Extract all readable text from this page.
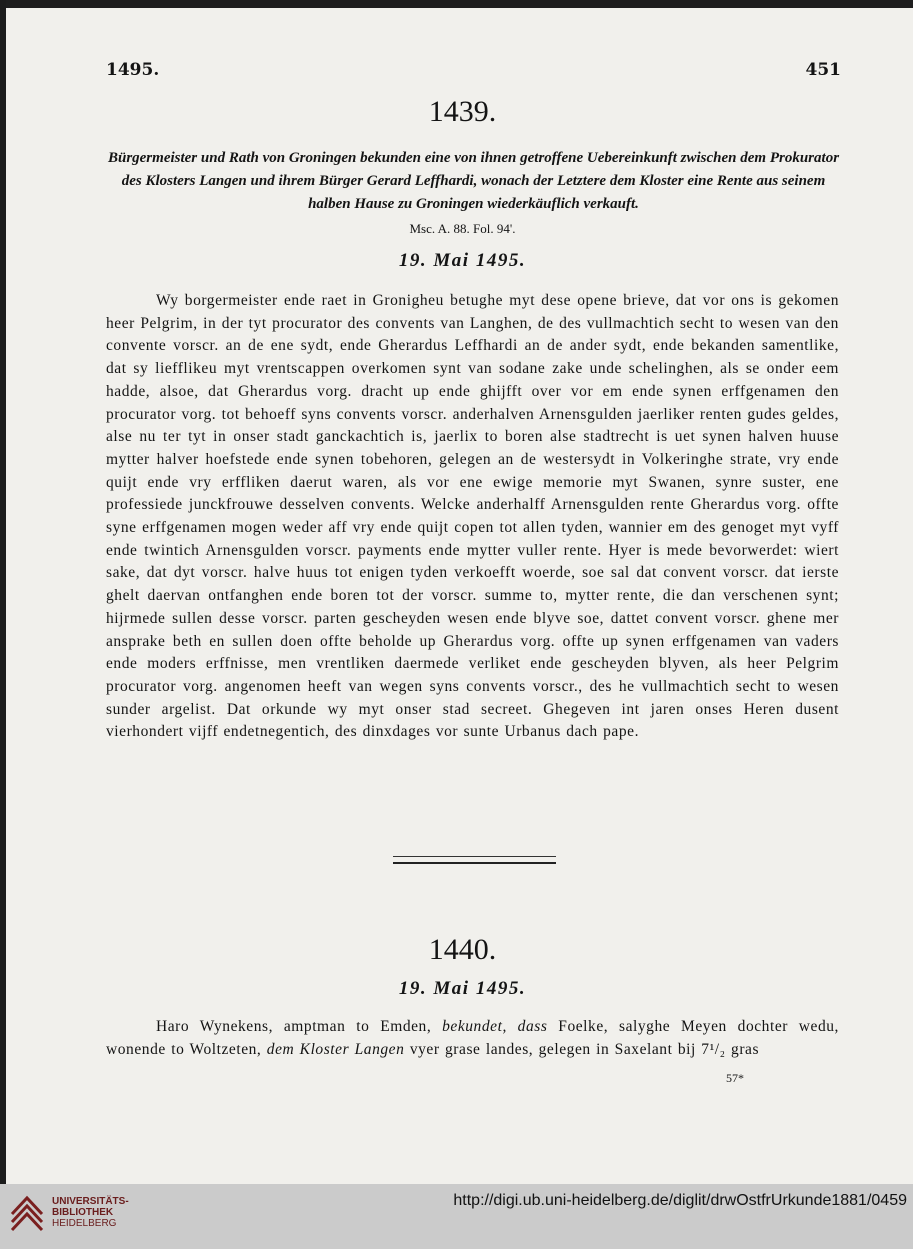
1495.	451
1439.
Bürgermeister und Rath von Groningen bekunden eine von ihnen getroffene Uebereinkunft zwischen dem Prokurator des Klosters Langen und ihrem Bürger Gerard Leffhardi, wonach der Letztere dem Kloster eine Rente aus seinem halben Hause zu Groningen wiederkäuflich verkauft.
Msc. A. 88. Fol. 94'.
19. Mai 1495.
Wy borgermeister ende raet in Gronigheu betughe myt dese opene brieve, dat vor ons is gekomen heer Pelgrim, in der tyt procurator des convents van Langhen, de des vullmachtich secht to wesen van den convente vorscr. an de ene sydt, ende Gherardus Leffhardi an de ander sydt, ende bekanden samentlike, dat sy liefflikeu myt vrentscappen overkomen synt van sodane zake unde schelinghen, als se onder eem hadde, alsoe, dat Gherardus vorg. dracht up ende ghijfft over vor em ende synen erffgenamen den procurator vorg. tot behoeff syns convents vorscr. anderhalven Arnensgulden jaerliker renten gudes geldes, alse nu ter tyt in onser stadt ganckachtich is, jaerlix to boren alse stadtrecht is uet synen halven huuse mytter halver hoefstede ende synen tobehoren, gelegen an de westersydt in Volkeringhe strate, vry ende quijt ende vry erffliken daerut waren, als vor ene ewige memorie myt Swanen, synre suster, ene professiede junckfrouwe desselven convents. Welcke anderhalff Arnensgulden rente Gherardus vorg. offte syne erffgenamen mogen weder aff vry ende quijt copen tot allen tyden, wannier em des genoget myt vyff ende twintich Arnensgulden vorscr. payments ende mytter vuller rente. Hyer is mede bevorwerdet: wiert sake, dat dyt vorscr. halve huus tot enigen tyden verkoefft woerde, soe sal dat convent vorscr. dat ierste ghelt daervan ontfanghen ende boren tot der vorscr. summe to, mytter rente, die dan verschenen synt; hijrmede sullen desse vorscr. parten gescheyden wesen ende blyve soe, dattet convent vorscr. ghene mer ansprake beth en sullen doen offte beholde up Gherardus vorg. offte up synen erffgenamen van vaders ende moders erffnisse, men vrentliken daermede verliket ende gescheyden blyven, als heer Pelgrim procurator vorg. angenomen heeft van wegen syns convents vorscr., des he vullmachtich secht to wesen sunder argelist. Dat orkunde wy myt onser stad secreet. Ghegeven int jaren onses Heren dusent vierhondert vijff endetnegentich, des dinxdages vor sunte Urbanus dach pape.
1440.
19. Mai 1495.
Haro Wynekens, amptman to Emden, bekundet, dass Foelke, salyghe Meyen dochter wedu, wonende to Woltzeten, dem Kloster Langen vyer grase landes, gelegen in Saxelant bij 7¹/₂ gras
57*
UNIVERSITÄTS-
BIBLIOTHEK
HEIDELBERG
http://digi.ub.uni-heidelberg.de/diglit/drwOstfrUrkunde1881/0459
